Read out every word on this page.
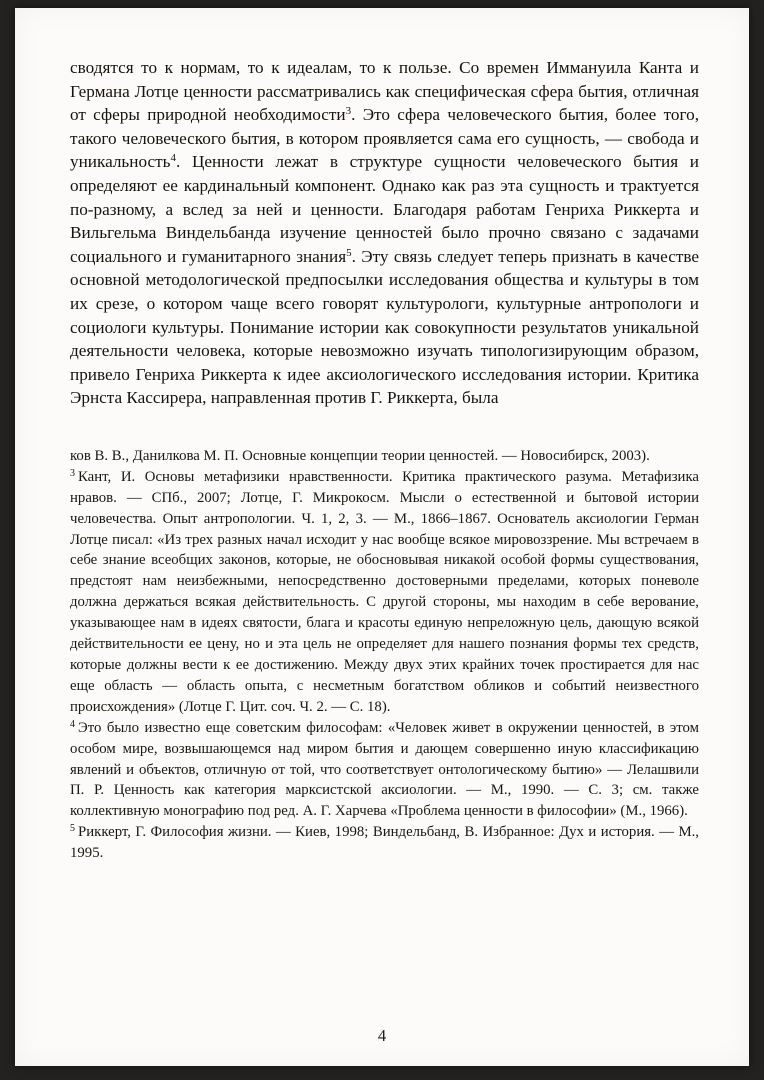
сводятся то к нормам, то к идеалам, то к пользе. Со времен Иммануила Канта и Германа Лотце ценности рассматривались как специфическая сфера бытия, отличная от сферы природной необходимости$^3$. Это сфера человеческого бытия, более того, такого человеческого бытия, в котором проявляется сама его сущность, — свобода и уникальность$^4$. Ценности лежат в структуре сущности человеческого бытия и определяют ее кардинальный компонент. Однако как раз эта сущность и трактуется по-разному, а вслед за ней и ценности. Благодаря работам Генриха Риккерта и Вильгельма Виндельбанда изучение ценностей было прочно связано с задачами социального и гуманитарного знания$^5$. Эту связь следует теперь признать в качестве основной методологической предпосылки исследования общества и культуры в том их срезе, о котором чаще всего говорят культурологи, культурные антропологи и социологи культуры. Понимание истории как совокупности результатов уникальной деятельности человека, которые невозможно изучать типологизирующим образом, привело Генриха Риккерта к идее аксиологического исследования истории. Критика Эрнста Кассирера, направленная против Г. Риккерта, была

ков В. В., Данилкова М. П. Основные концепции теории ценностей. — Новосибирск, 2003).

$^3$ Кант, И. Основы метафизики нравственности. Критика практического разума. Метафизика нравов. — СПб., 2007; Лотце, Г. Микрокосм. Мысли о естественной и бытовой истории человечества. Опыт антропологии. Ч. 1, 2, 3. — М., 1866–1867. Основатель аксиологии Герман Лотце писал: «Из трех разных начал исходит у нас вообще всякое мировоззрение. Мы встречаем в себе знание всеобщих законов, которые, не обосновывая никакой особой формы существования, предстоят нам неизбежными, непосредственно достоверными пределами, которых поневоле должна держаться всякая действительность. С другой стороны, мы находим в себе верование, указывающее нам в идеях святости, блага и красоты единую непреложную цель, дающую всякой действительности ее цену, но и эта цель не определяет для нашего познания формы тех средств, которые должны вести к ее достижению. Между двух этих крайних точек простирается для нас еще область — область опыта, с несметным богатством обликов и событий неизвестного происхождения» (Лотце Г. Цит. соч. Ч. 2. — С. 18).

$^4$ Это было известно еще советским философам: «Человек живет в окружении ценностей, в этом особом мире, возвышающемся над миром бытия и дающем совершенно иную классификацию явлений и объектов, отличную от той, что соответствует онтологическому бытию» — Лелашвили П. Р. Ценность как категория марксистской аксиологии. — М., 1990. — С. 3; см. также коллективную монографию под ред. А. Г. Харчева «Проблема ценности в философии» (М., 1966).

$^5$ Риккерт, Г. Философия жизни. — Киев, 1998; Виндельбанд, В. Избранное: Дух и история. — М., 1995.

4
